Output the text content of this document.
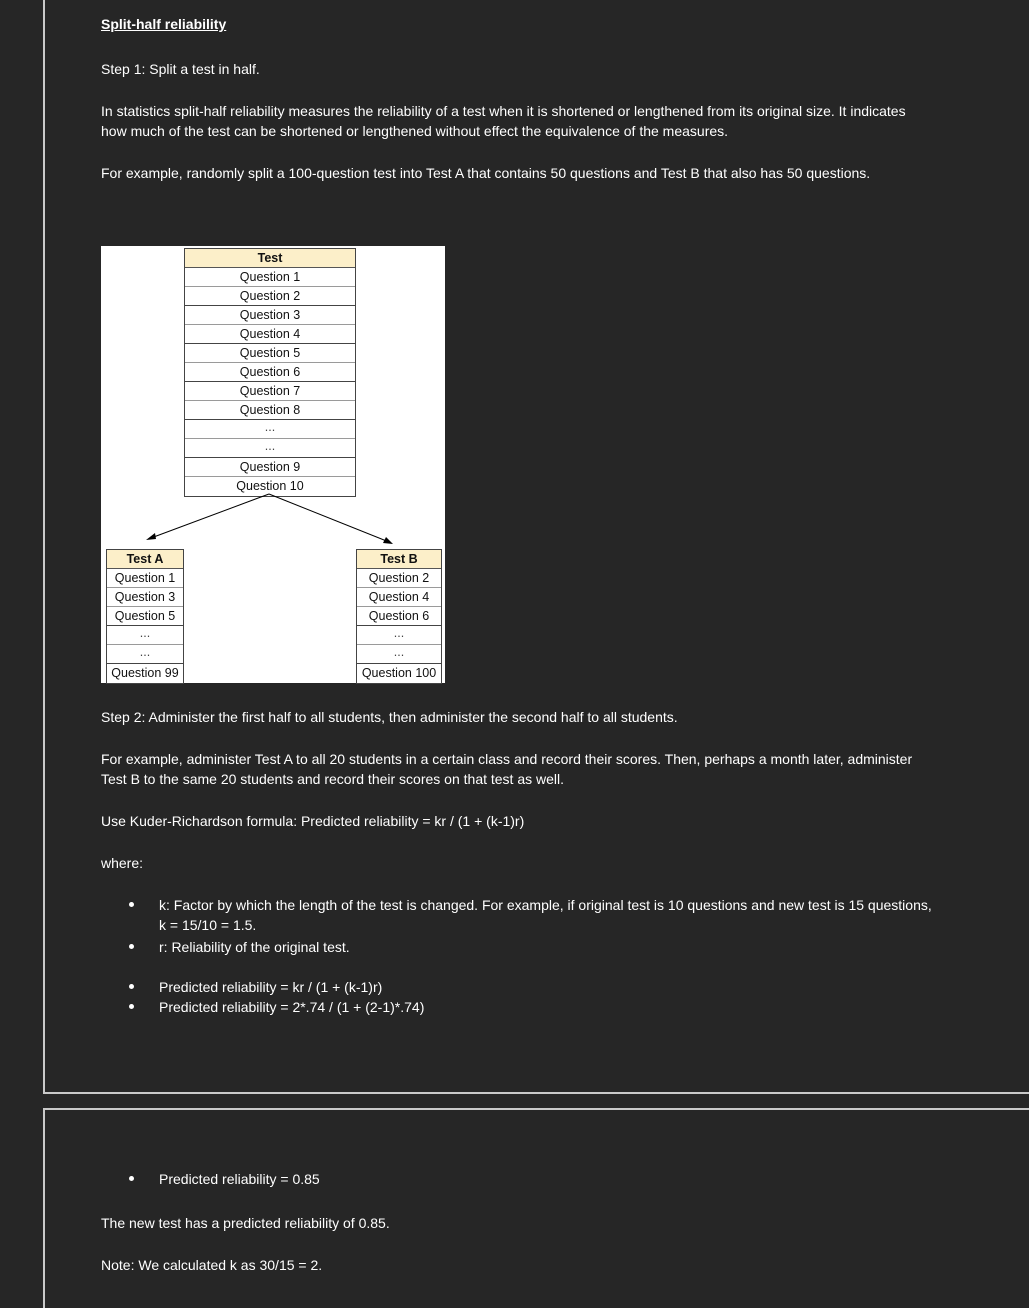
Split-half reliability
Step 1: Split a test in half.
In statistics split-half reliability measures the reliability of a test when it is shortened or lengthened from its original size. It indicates
how much of the test can be shortened or lengthened without effect the equivalence of the measures.
For example, randomly split a 100-question test into Test A that contains 50 questions and Test B that also has 50 questions.
Test
Question 1
Question 2
Question 3
Question 4
Question 5
Question 6
Question 7
Question 8
...
...
Question 9
Question 10
Test A
Question 1
Question 3
Question 5
...
...
Question 99
Test B
Question 2
Question 4
Question 6
...
...
Question 100
Step 2: Administer the first half to all students, then administer the second half to all students.
For example, administer Test A to all 20 students in a certain class and record their scores. Then, perhaps a month later, administer
Test B to the same 20 students and record their scores on that test as well.
Use Kuder-Richardson formula: Predicted reliability = kr / (1 + (k-1)r)
where:
k: Factor by which the length of the test is changed. For example, if original test is 10 questions and new test is 15 questions,
k = 15/10 = 1.5.
r: Reliability of the original test.
Predicted reliability = kr / (1 + (k-1)r)
Predicted reliability = 2*.74 / (1 + (2-1)*.74)
Predicted reliability = 0.85
The new test has a predicted reliability of 0.85.
Note: We calculated k as 30/15 = 2.
